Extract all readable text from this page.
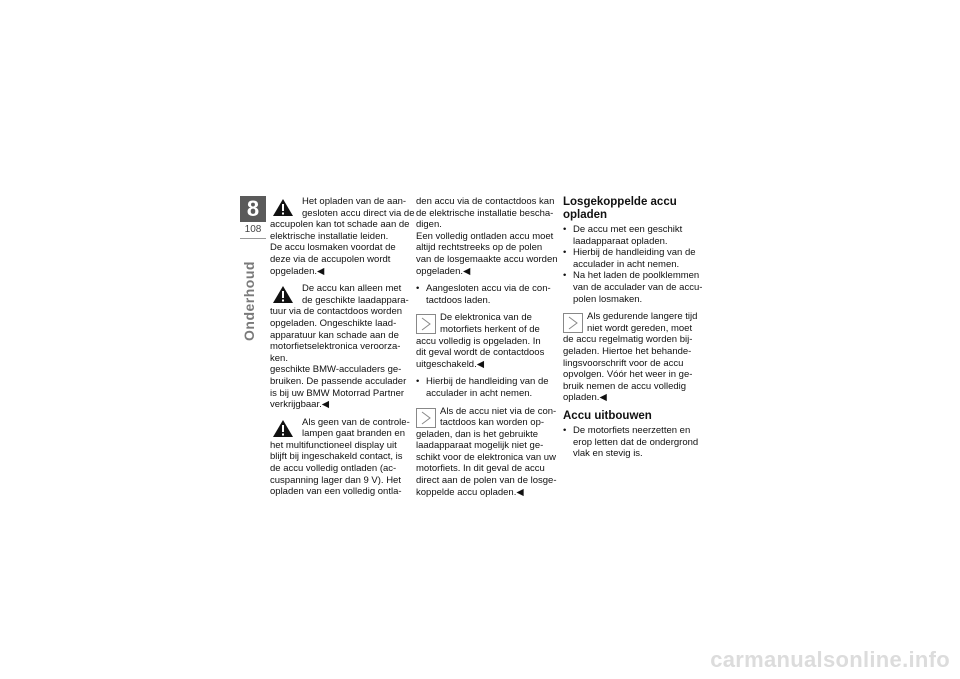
8
108
Onderhoud
Het opladen van de aan-
gesloten accu direct via de
accupolen kan tot schade aan de
elektrische installatie leiden.
De accu losmaken voordat de
deze via de accupolen wordt
opgeladen.◀
De accu kan alleen met
de geschikte laadappara-
tuur via de contactdoos worden
opgeladen. Ongeschikte laad-
apparatuur kan schade aan de
motorfietselektronica veroorza-
ken.
geschikte BMW-acculaders ge-
bruiken. De passende acculader
is bij uw BMW Motorrad Partner
verkrijgbaar.◀
Als geen van de controle-
lampen gaat branden en
het multifunctioneel display uit
blijft bij ingeschakeld contact, is
de accu volledig ontladen (ac-
cuspanning lager dan 9 V). Het
opladen van een volledig ontla-
den accu via de contactdoos kan
de elektrische installatie bescha-
digen.
Een volledig ontladen accu moet
altijd rechtstreeks op de polen
van de losgemaakte accu worden
opgeladen.◀
• Aangesloten accu via de con-
tactdoos laden.
De elektronica van de
motorfiets herkent of de
accu volledig is opgeladen. In
dit geval wordt de contactdoos
uitgeschakeld.◀
• Hierbij de handleiding van de
acculader in acht nemen.
Als de accu niet via de con-
tactdoos kan worden op-
geladen, dan is het gebruikte
laadapparaat mogelijk niet ge-
schikt voor de elektronica van uw
motorfiets. In dit geval de accu
direct aan de polen van de losge-
koppelde accu opladen.◀
Losgekoppelde accu
opladen
• De accu met een geschikt
laadapparaat opladen.
• Hierbij de handleiding van de
acculader in acht nemen.
• Na het laden de poolklemmen
van de acculader van de accu-
polen losmaken.
Als gedurende langere tijd
niet wordt gereden, moet
de accu regelmatig worden bij-
geladen. Hiertoe het behande-
lingsvoorschrift voor de accu
opvolgen. Vóór het weer in ge-
bruik nemen de accu volledig
opladen.◀
Accu uitbouwen
• De motorfiets neerzetten en
erop letten dat de ondergrond
vlak en stevig is.
carmanualsonline.info
